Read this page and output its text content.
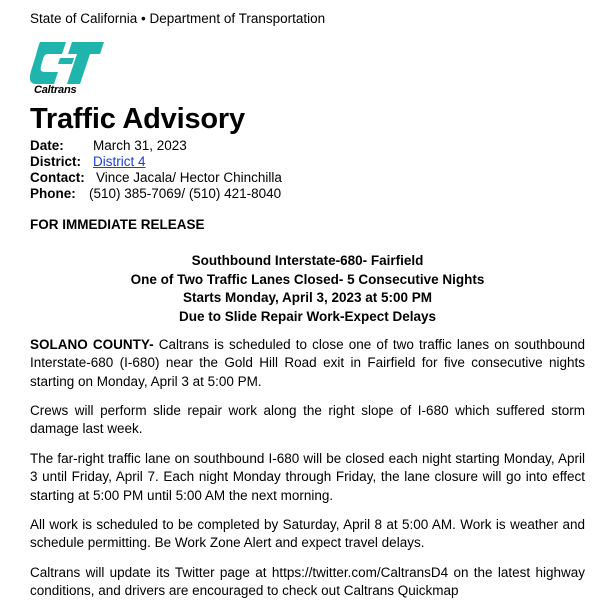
State of California • Department of Transportation
Caltrans
Traffic Advisory
Date: March 31, 2023
District: District 4
Contact: Vince Jacala/ Hector Chinchilla
Phone: (510) 385-7069/ (510) 421-8040
FOR IMMEDIATE RELEASE
Southbound Interstate-680- Fairfield
One of Two Traffic Lanes Closed- 5 Consecutive Nights
Starts Monday, April 3, 2023 at 5:00 PM
Due to Slide Repair Work-Expect Delays
SOLANO COUNTY- Caltrans is scheduled to close one of two traffic lanes on southbound Interstate-680 (I-680) near the Gold Hill Road exit in Fairfield for five consecutive nights starting on Monday, April 3 at 5:00 PM.
Crews will perform slide repair work along the right slope of I-680 which suffered storm damage last week.
The far-right traffic lane on southbound I-680 will be closed each night starting Monday, April 3 until Friday, April 7. Each night Monday through Friday, the lane closure will go into effect starting at 5:00 PM until 5:00 AM the next morning.
All work is scheduled to be completed by Saturday, April 8 at 5:00 AM. Work is weather and schedule permitting. Be Work Zone Alert and expect travel delays.
Caltrans will update its Twitter page at https://twitter.com/CaltransD4 on the latest highway conditions, and drivers are encouraged to check out Caltrans Quickmap
